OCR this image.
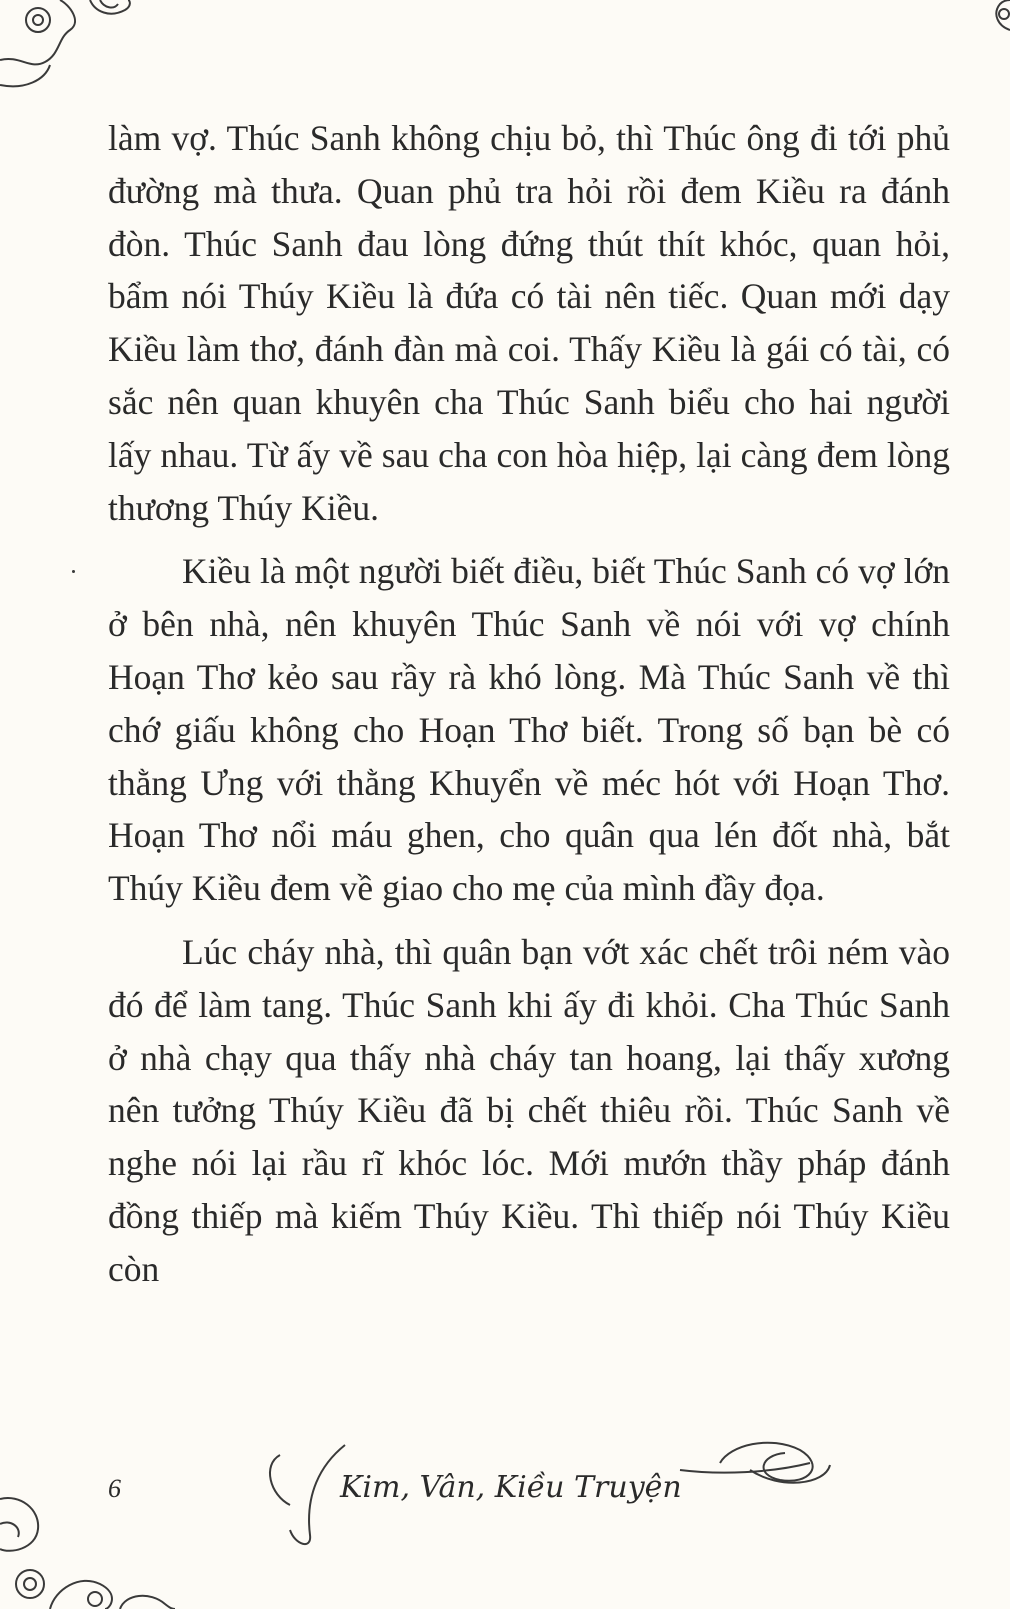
làm vợ. Thúc Sanh không chịu bỏ, thì Thúc ông đi tới phủ đường mà thưa. Quan phủ tra hỏi rồi đem Kiều ra đánh đòn. Thúc Sanh đau lòng đứng thút thít khóc, quan hỏi, bẩm nói Thúy Kiều là đứa có tài nên tiếc. Quan mới dạy Kiều làm thơ, đánh đàn mà coi. Thấy Kiều là gái có tài, có sắc nên quan khuyên cha Thúc Sanh biểu cho hai người lấy nhau. Từ ấy về sau cha con hòa hiệp, lại càng đem lòng thương Thúy Kiều.

Kiều là một người biết điều, biết Thúc Sanh có vợ lớn ở bên nhà, nên khuyên Thúc Sanh về nói với vợ chính Hoạn Thơ kẻo sau rầy rà khó lòng. Mà Thúc Sanh về thì chớ giấu không cho Hoạn Thơ biết. Trong số bạn bè có thằng Ưng với thằng Khuyển về méc hót với Hoạn Thơ. Hoạn Thơ nổi máu ghen, cho quân qua lén đốt nhà, bắt Thúy Kiều đem về giao cho mẹ của mình đầy đọa.

Lúc cháy nhà, thì quân bạn vớt xác chết trôi ném vào đó để làm tang. Thúc Sanh khi ấy đi khỏi. Cha Thúc Sanh ở nhà chạy qua thấy nhà cháy tan hoang, lại thấy xương nên tưởng Thúy Kiều đã bị chết thiêu rồi. Thúc Sanh về nghe nói lại rầu rĩ khóc lóc. Mới mướn thầy pháp đánh đồng thiếp mà kiếm Thúy Kiều. Thì thiếp nói Thúy Kiều còn

6	Kim, Vân, Kiều Truyện
